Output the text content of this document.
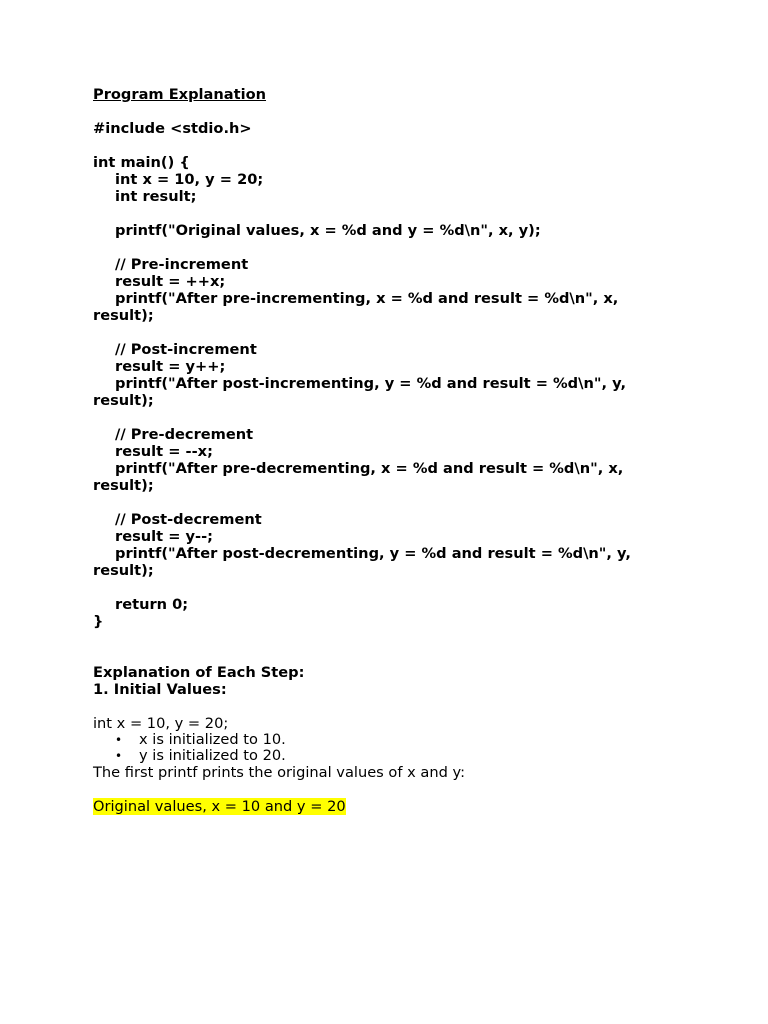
Program Explanation
#include <stdio.h>
int main() {
int x = 10, y = 20;
int result;
printf("Original values, x = %d and y = %d\n", x, y);
// Pre-increment
result = ++x;
printf("After pre-incrementing, x = %d and result = %d\n", x,
result);
// Post-increment
result = y++;
printf("After post-incrementing, y = %d and result = %d\n", y,
result);
// Pre-decrement
result = --x;
printf("After pre-decrementing, x = %d and result = %d\n", x,
result);
// Post-decrement
result = y--;
printf("After post-decrementing, y = %d and result = %d\n", y,
result);
return 0;
}
Explanation of Each Step:
1. Initial Values:
int x = 10, y = 20;
• x is initialized to 10.
• y is initialized to 20.
The first printf prints the original values of x and y:
Original values, x = 10 and y = 20
